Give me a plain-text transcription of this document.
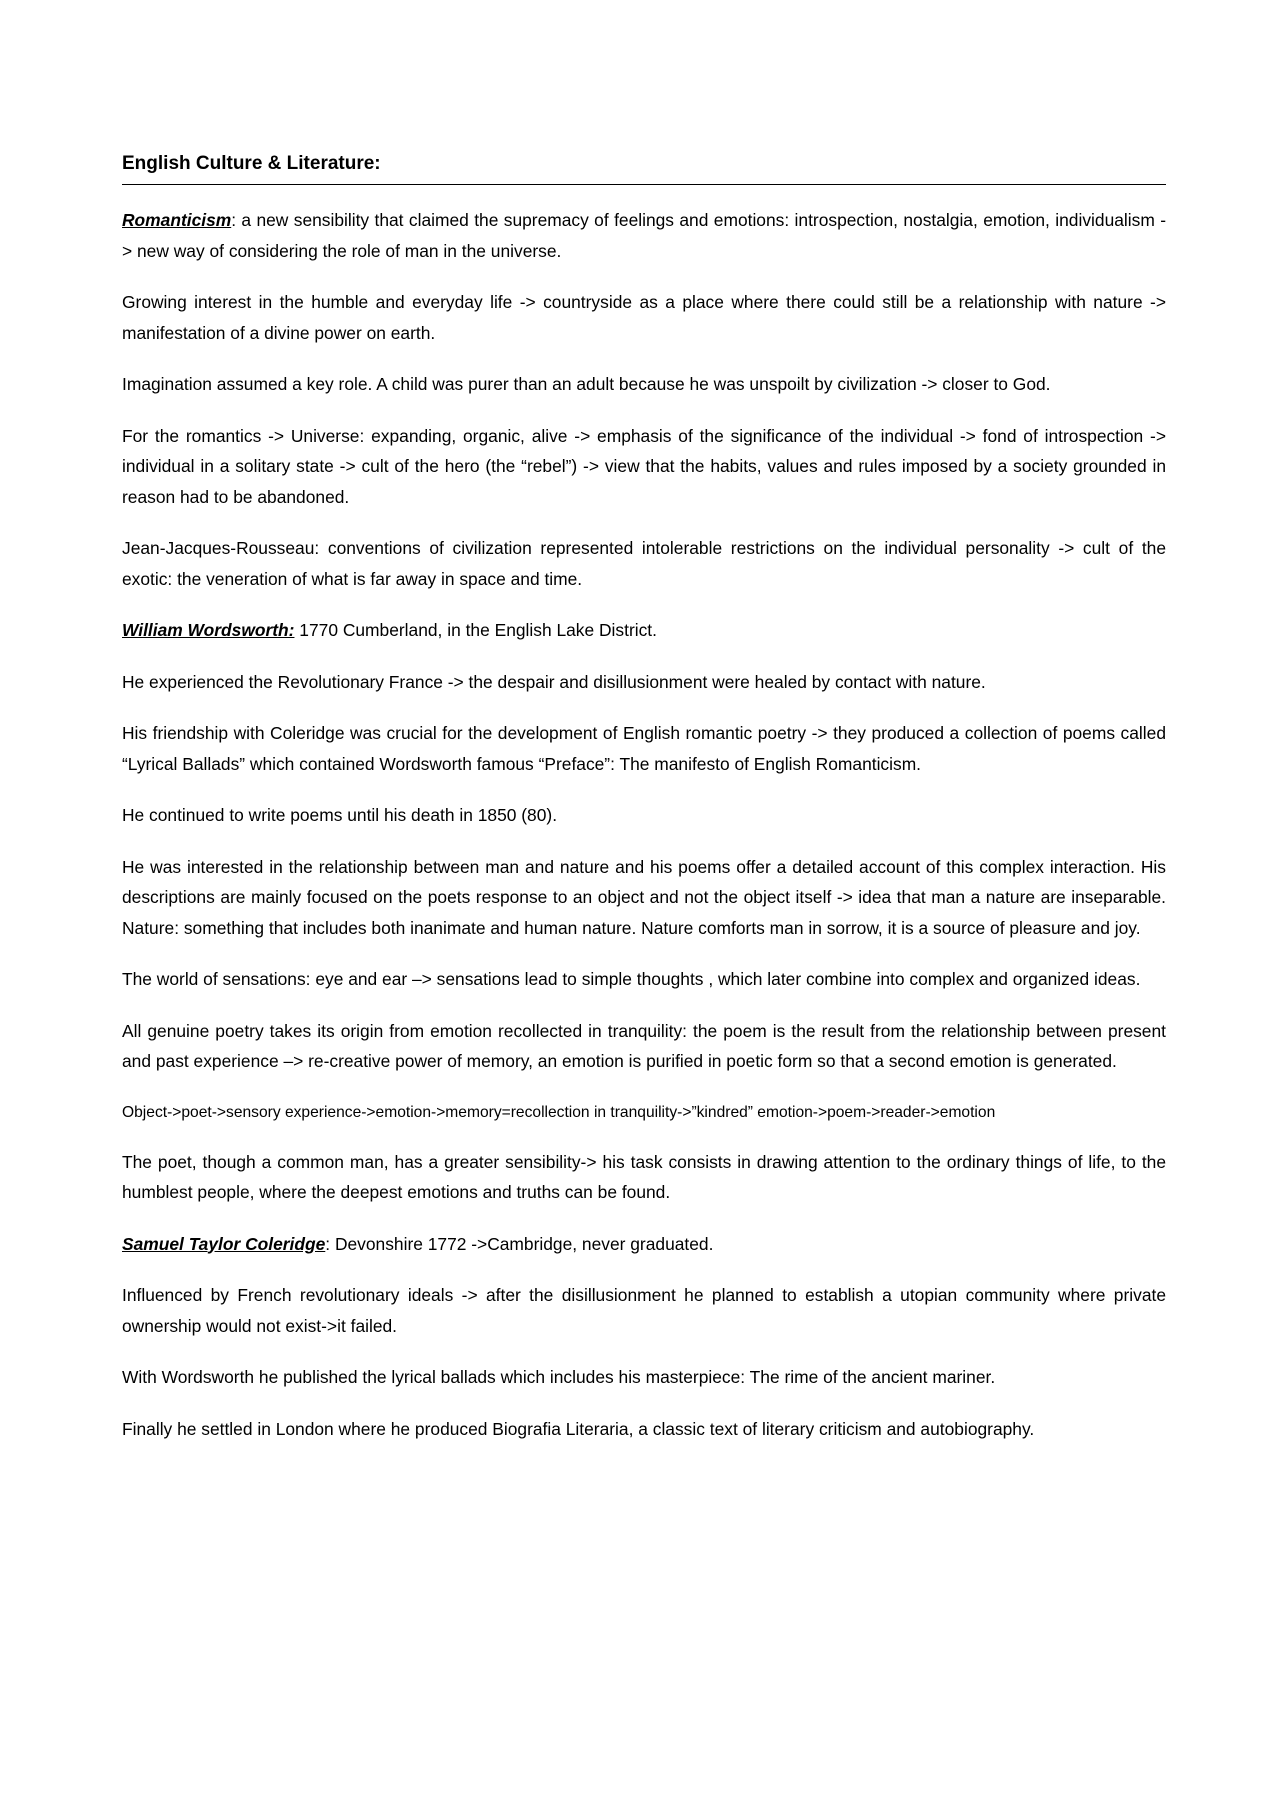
English Culture & Literature:

Romanticism: a new sensibility that claimed the supremacy of feelings and emotions: introspection, nostalgia, emotion, individualism -> new way of considering the role of man in the universe.

Growing interest in the humble and everyday life -> countryside as a place where there could still be a relationship with nature -> manifestation of a divine power on earth.

Imagination assumed a key role. A child was purer than an adult because he was unspoilt by civilization -> closer to God.

For the romantics -> Universe: expanding, organic, alive -> emphasis of the significance of the individual -> fond of introspection -> individual in a solitary state -> cult of the hero (the “rebel”) -> view that the habits, values and rules imposed by a society grounded in reason had to be abandoned.

Jean-Jacques-Rousseau: conventions of civilization represented intolerable restrictions on the individual personality -> cult of the exotic: the veneration of what is far away in space and time.

William Wordsworth: 1770 Cumberland, in the English Lake District.

He experienced the Revolutionary France -> the despair and disillusionment were healed by contact with nature.

His friendship with Coleridge was crucial for the development of English romantic poetry -> they produced a collection of poems called “Lyrical Ballads” which contained Wordsworth famous “Preface”: The manifesto of English Romanticism.

He continued to write poems until his death in 1850 (80).

He was interested in the relationship between man and nature and his poems offer a detailed account of this complex interaction. His descriptions are mainly focused on the poets response to an object and not the object itself -> idea that man a nature are inseparable. Nature: something that includes both inanimate and human nature. Nature comforts man in sorrow, it is a source of pleasure and joy.

The world of sensations: eye and ear –> sensations lead to simple thoughts , which later combine into complex and organized ideas.

All genuine poetry takes its origin from emotion recollected in tranquility: the poem is the result from the relationship between present and past experience –> re-creative power of memory, an emotion is purified in poetic form so that a second emotion is generated.

Object->poet->sensory experience->emotion->memory=recollection in tranquility->”kindred” emotion->poem->reader->emotion

The poet, though a common man, has a greater sensibility-> his task consists in drawing attention to the ordinary things of life, to the humblest people, where the deepest emotions and truths can be found.

Samuel Taylor Coleridge: Devonshire 1772 ->Cambridge, never graduated.

Influenced by French revolutionary ideals -> after the disillusionment he planned to establish a utopian community where private ownership would not exist->it failed.

With Wordsworth he published the lyrical ballads which includes his masterpiece: The rime of the ancient mariner.

Finally he settled in London where he produced Biografia Literaria, a classic text of literary criticism and autobiography.
